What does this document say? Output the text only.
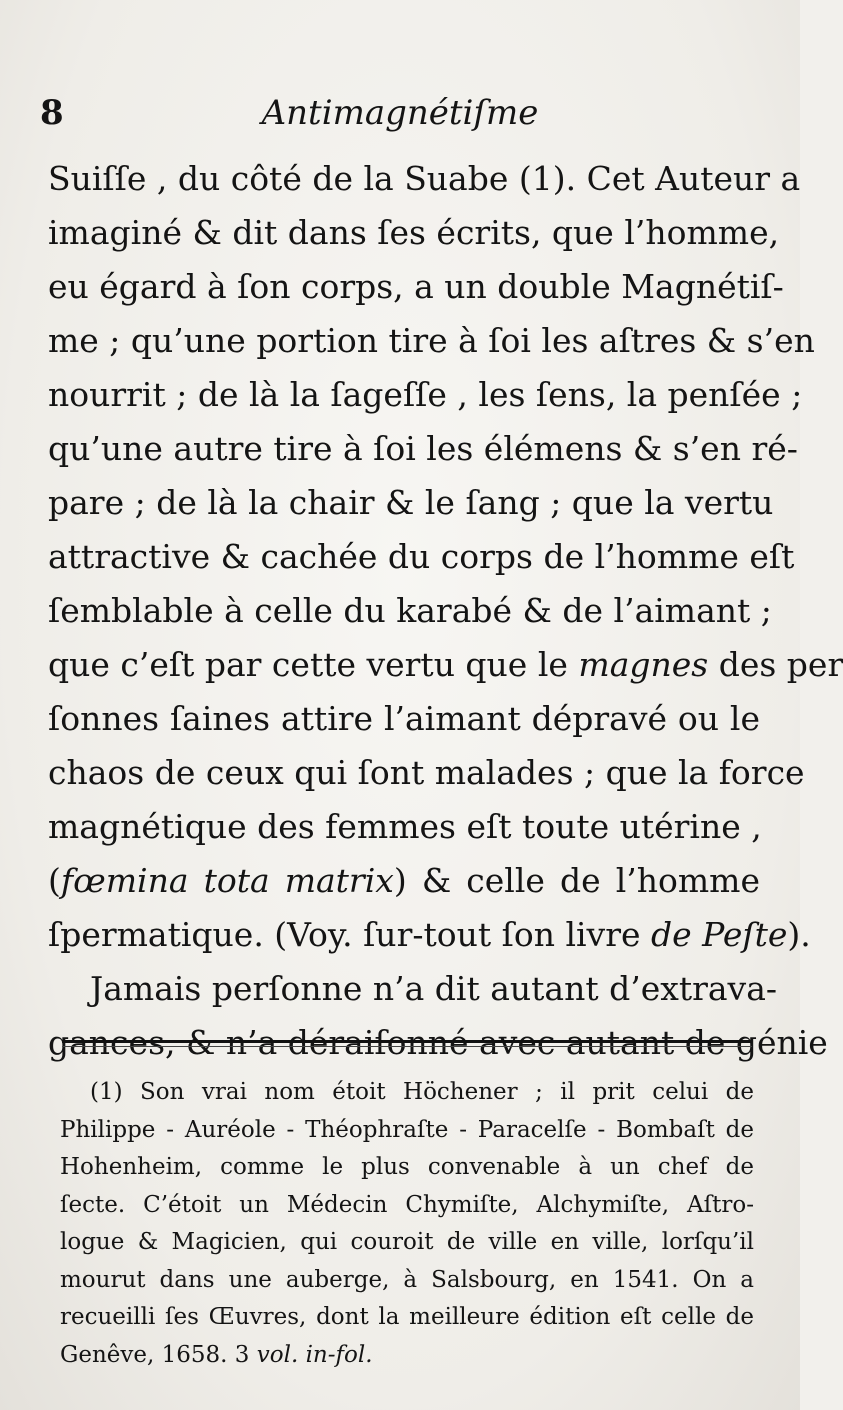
8	Antimagnétiſme
Suiſſe , du côté de la Suabe (1). Cet Auteur a
imaginé & dit dans ſes écrits, que l’homme,
eu égard à ſon corps, a un double Magnétiſ-
me ; qu’une portion tire à ſoi les aſtres & s’en
nourrit ; de là la ſageſſe , les ſens, la penſée ;
qu’une autre tire à ſoi les élémens & s’en ré-
pare ; de là la chair & le ſang ; que la vertu
attractive & cachée du corps de l’homme eſt
ſemblable à celle du karabé & de l’aimant ;
que c’eſt par cette vertu que le magnes des per
ſonnes ſaines attire l’aimant dépravé ou le
chaos de ceux qui ſont malades ; que la force
magnétique des femmes eſt toute utérine ,
(fœmina tota matrix) & celle de l’homme
ſpermatique. (Voy. ſur-tout ſon livre de Peſte).
Jamais perſonne n’a dit autant d’extrava-
gances, & n’a déraiſonné avec autant de génie
(1) Son vrai nom étoit Höchener ; il prit celui de
Philippe - Auréole - Théophraſte - Paracelſe - Bombaſt de
Hohenheim, comme le plus convenable à un chef de
ſecte. C’étoit un Médecin Chymiſte, Alchymiſte, Aſtro-
logue & Magicien, qui couroit de ville en ville, lorſqu’il
mourut dans une auberge, à Salsbourg, en 1541. On a
recueilli ſes Œuvres, dont la meilleure édition eſt celle de
Genêve, 1658. 3 vol. in-fol.
